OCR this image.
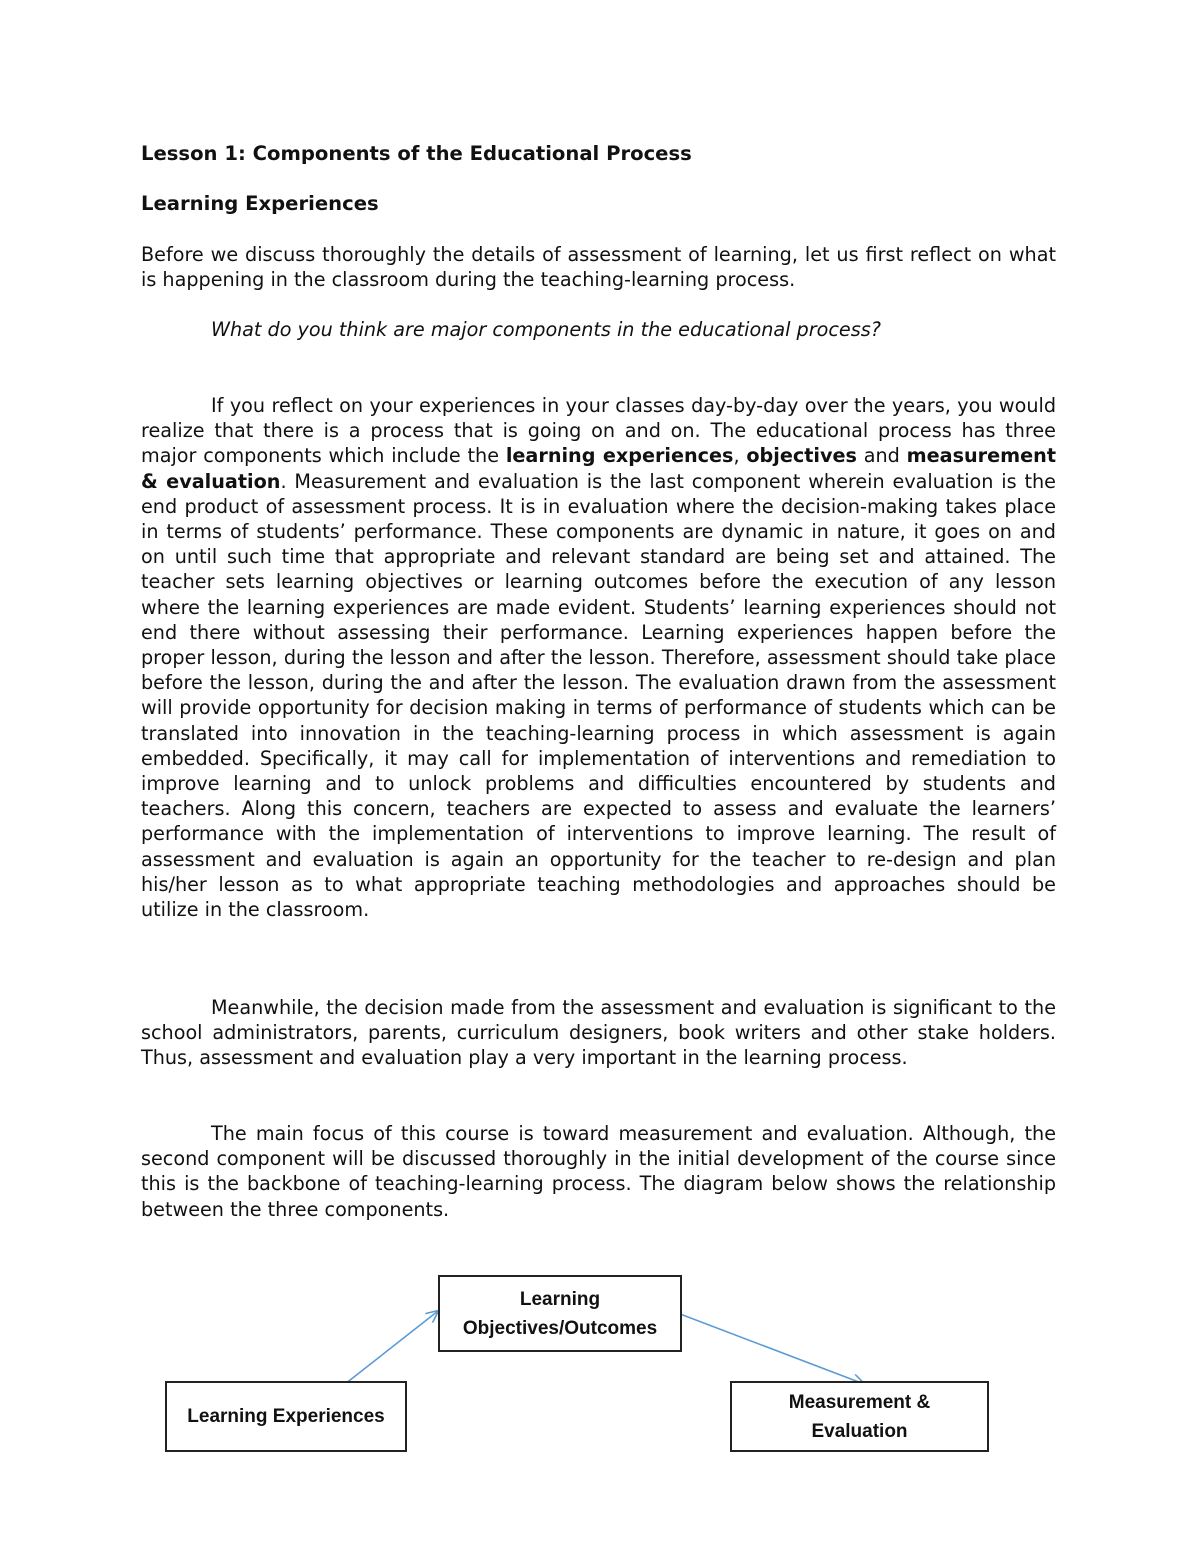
Lesson 1: Components of the Educational Process
Learning Experiences

Before we discuss thoroughly the details of assessment of learning, let us first reflect on what is happening in the classroom during the teaching-learning process.

What do you think are major components in the educational process?

If you reflect on your experiences in your classes day-by-day over the years, you would realize that there is a process that is going on and on. The educational process has three major components which include the learning experiences, objectives and measurement & evaluation. Measurement and evaluation is the last component wherein evaluation is the end product of assessment process. It is in evaluation where the decision-making takes place in terms of students’ performance. These components are dynamic in nature, it goes on and on until such time that appropriate and relevant standard are being set and attained. The teacher sets learning objectives or learning outcomes before the execution of any lesson where the learning experiences are made evident. Students’ learning experiences should not end there without assessing their performance. Learning experiences happen before the proper lesson, during the lesson and after the lesson. Therefore, assessment should take place before the lesson, during the and after the lesson. The evaluation drawn from the assessment will provide opportunity for decision making in terms of performance of students which can be translated into innovation in the teaching-learning process in which assessment is again embedded. Specifically, it may call for implementation of interventions and remediation to improve learning and to unlock problems and difficulties encountered by students and teachers. Along this concern, teachers are expected to assess and evaluate the learners’ performance with the implementation of interventions to improve learning. The result of assessment and evaluation is again an opportunity for the teacher to re-design and plan his/her lesson as to what appropriate teaching methodologies and approaches should be utilize in the classroom.

Meanwhile, the decision made from the assessment and evaluation is significant to the school administrators, parents, curriculum designers, book writers and other stake holders. Thus, assessment and evaluation play a very important in the learning process.

The main focus of this course is toward measurement and evaluation. Although, the second component will be discussed thoroughly in the initial development of the course since this is the backbone of teaching-learning process. The diagram below shows the relationship between the three components.

Learning
Objectives/Outcomes
Learning Experiences
Measurement &
Evaluation
